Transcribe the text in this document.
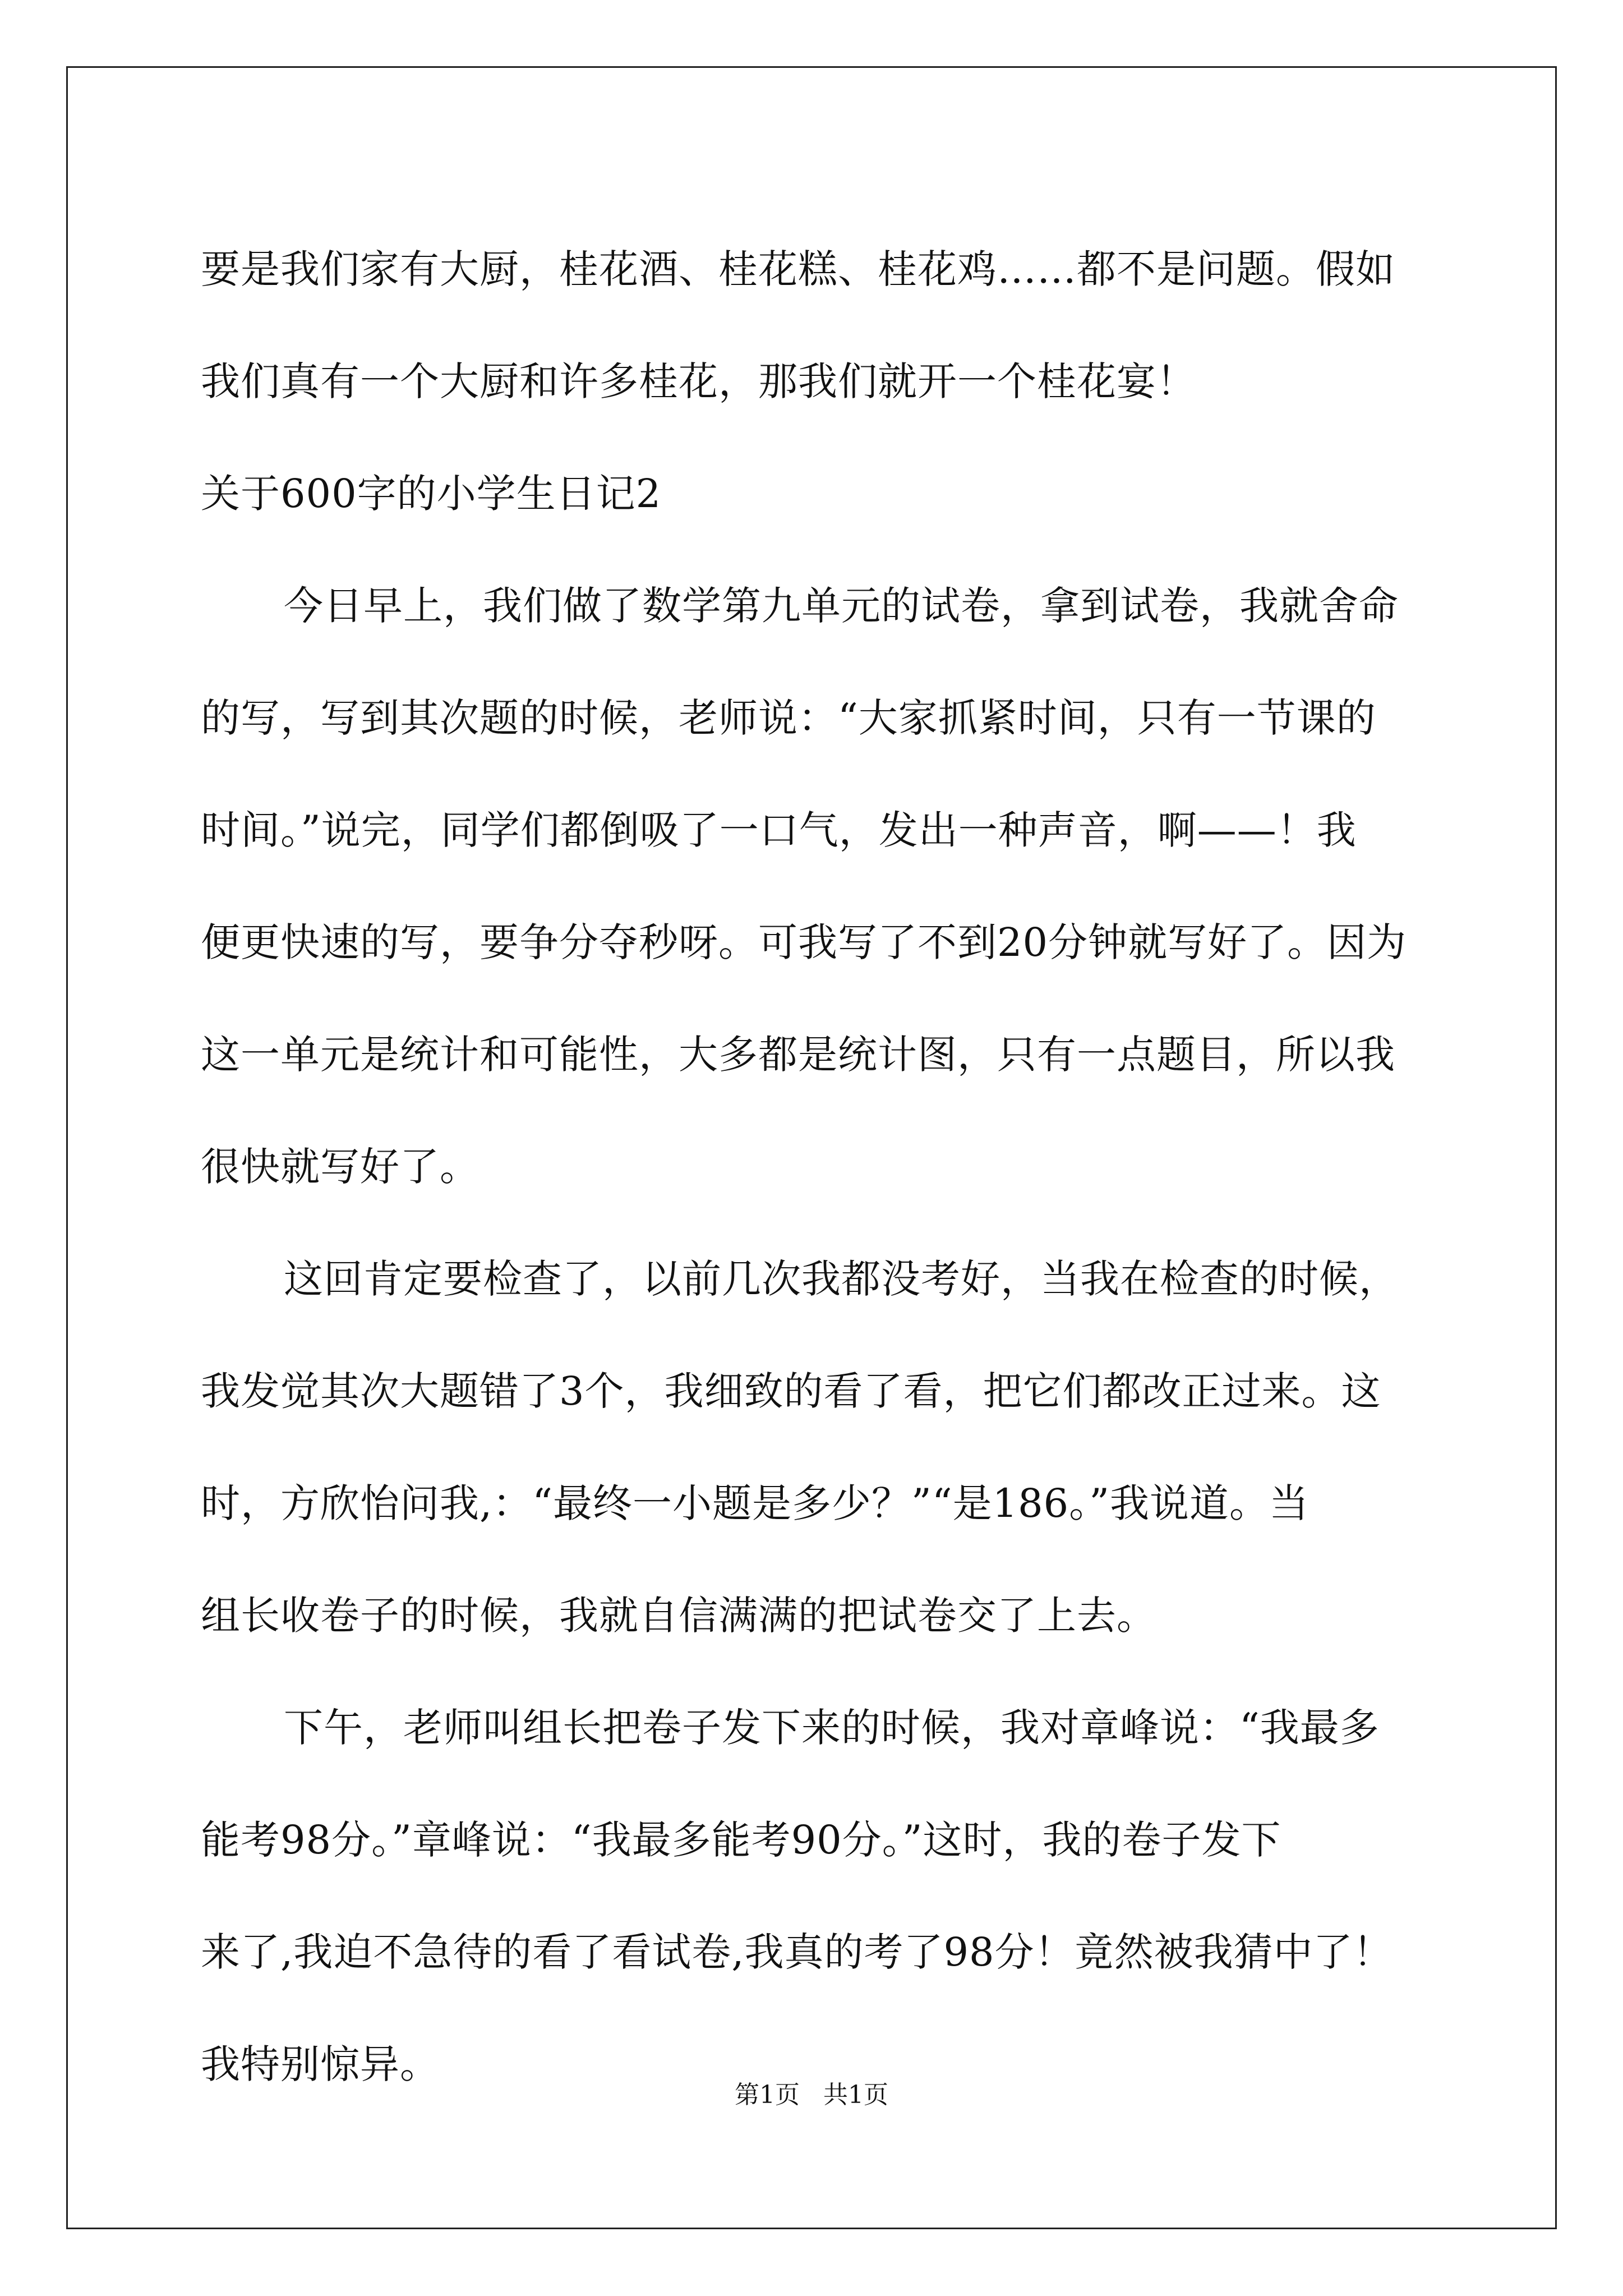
要是我们家有大厨，桂花酒、桂花糕、桂花鸡……都不是问题。假如
我们真有一个大厨和许多桂花，那我们就开一个桂花宴！
关于600字的小学生日记2
今日早上，我们做了数学第九单元的试卷，拿到试卷，我就舍命
的写，写到其次题的时候，老师说：“大家抓紧时间，只有一节课的
时间。”说完，同学们都倒吸了一口气，发出一种声音，啊——！我
便更快速的写，要争分夺秒呀。可我写了不到20分钟就写好了。因为
这一单元是统计和可能性，大多都是统计图，只有一点题目，所以我
很快就写好了。
这回肯定要检查了，以前几次我都没考好，当我在检查的时候，
我发觉其次大题错了3个，我细致的看了看，把它们都改正过来。这
时，方欣怡问我,：“最终一小题是多少？”“是186。”我说道。当
组长收卷子的时候，我就自信满满的把试卷交了上去。
下午，老师叫组长把卷子发下来的时候，我对章峰说：“我最多
能考98分。”章峰说：“我最多能考90分。”这时，我的卷子发下
来了,我迫不急待的看了看试卷,我真的考了98分！竟然被我猜中了！
我特别惊异。
第1页   共1页
